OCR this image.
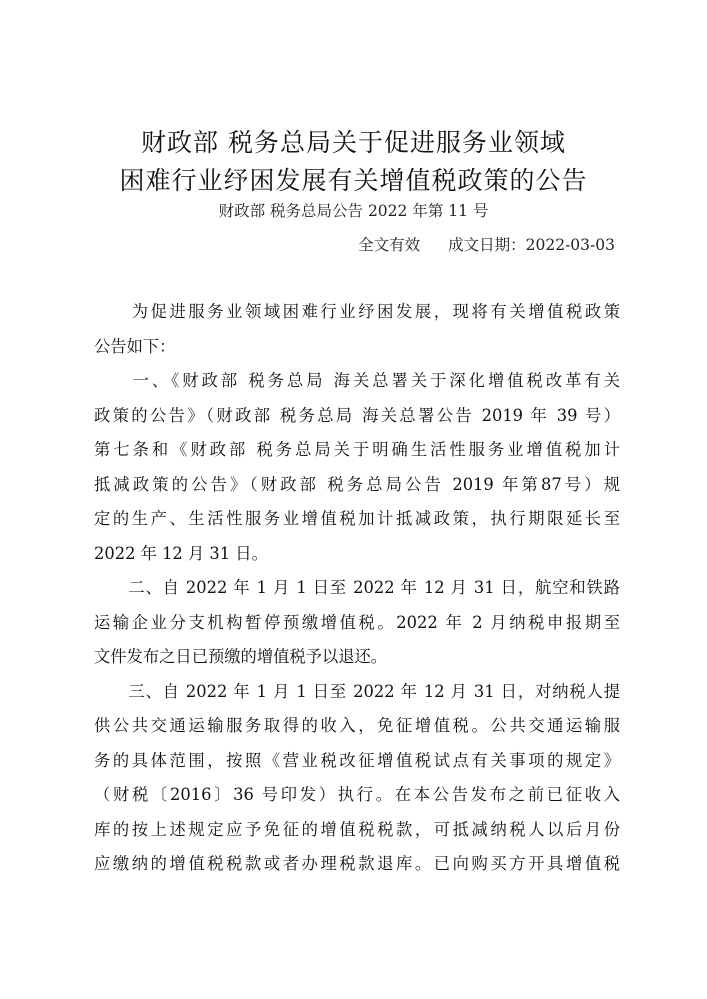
财政部 税务总局关于促进服务业领域
困难行业纾困发展有关增值税政策的公告
财政部 税务总局公告 2022 年第 11 号
全文有效 成文日期：2022-03-03

　　为促进服务业领域困难行业纾困发展，现将有关增值税政策
公告如下：

　　一、《财政部 税务总局 海关总署关于深化增值税改革有关
政策的公告》（财政部 税务总局 海关总署公告 2019 年 39 号）
第七条和《财政部 税务总局关于明确生活性服务业增值税加计
抵减政策的公告》（财政部 税务总局公告 2019 年第87号）规
定的生产、生活性服务业增值税加计抵减政策，执行期限延长至
2022 年 12 月 31 日。

　　二、自 2022 年 1 月 1 日至 2022 年 12 月 31 日，航空和铁路
运输企业分支机构暂停预缴增值税。2022 年 2 月纳税申报期至
文件发布之日已预缴的增值税予以退还。

　　三、自 2022 年 1 月 1 日至 2022 年 12 月 31 日，对纳税人提
供公共交通运输服务取得的收入，免征增值税。公共交通运输服
务的具体范围，按照《营业税改征增值税试点有关事项的规定》
（财税〔2016〕36 号印发）执行。在本公告发布之前已征收入
库的按上述规定应予免征的增值税税款，可抵减纳税人以后月份
应缴纳的增值税税款或者办理税款退库。已向购买方开具增值税
